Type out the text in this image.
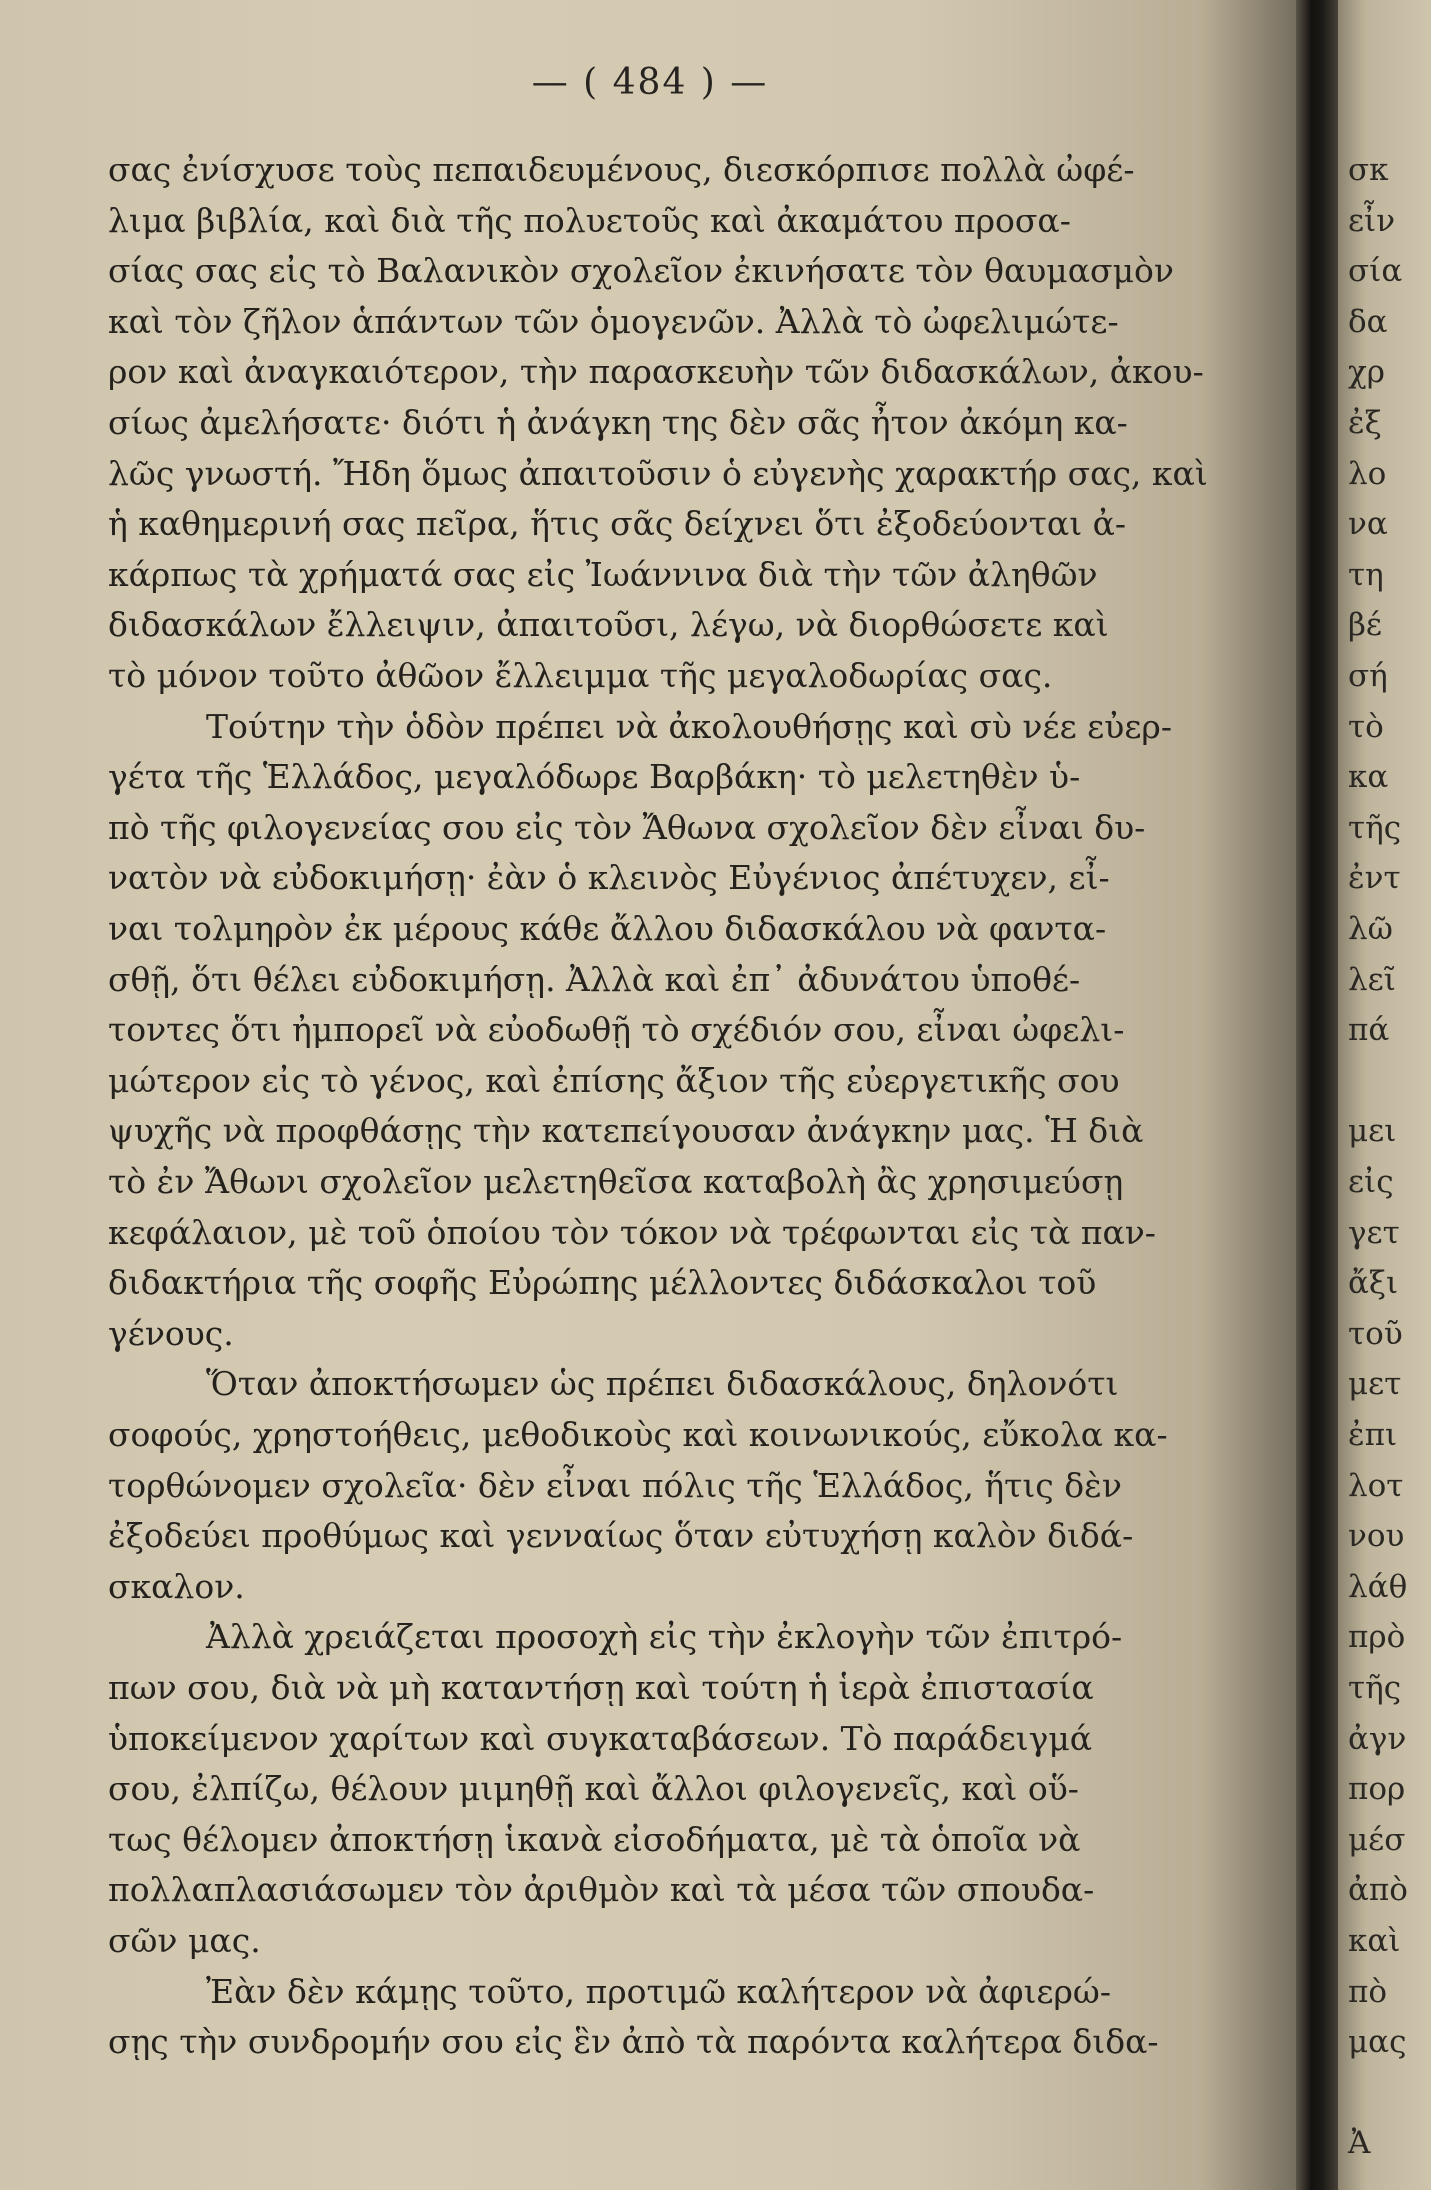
— ( 484 ) —
σας ἐνίσχυσε τοὺς πεπαιδευμένους, διεσκόρπισε πολλὰ ὠφέ-
λιμα βιβλία, καὶ διὰ τῆς πολυετοῦς καὶ ἀκαμάτου προσα-
σίας σας εἰς τὸ Βαλανικὸν σχολεῖον ἐκινήσατε τὸν θαυμασμὸν
καὶ τὸν ζῆλον ἁπάντων τῶν ὁμογενῶν. Ἀλλὰ τὸ ὠφελιμώτε-
ρον καὶ ἀναγκαιότερον, τὴν παρασκευὴν τῶν διδασκάλων, ἀκου-
σίως ἀμελήσατε· διότι ἡ ἀνάγκη της δὲν σᾶς ἦτον ἀκόμη κα-
λῶς γνωστή. Ἤδη ὅμως ἀπαιτοῦσιν ὁ εὐγενὴς χαρακτήρ σας, καὶ
ἡ καθημερινή σας πεῖρα, ἥτις σᾶς δείχνει ὅτι ἐξοδεύονται ἀ-
κάρπως τὰ χρήματά σας εἰς Ἰωάννινα διὰ τὴν τῶν ἀληθῶν
διδασκάλων ἔλλειψιν, ἀπαιτοῦσι, λέγω, νὰ διορθώσετε καὶ
τὸ μόνον τοῦτο ἀθῶον ἔλλειμμα τῆς μεγαλοδωρίας σας.
Τούτην τὴν ὁδὸν πρέπει νὰ ἀκολουθήσῃς καὶ σὺ νέε εὐερ-
γέτα τῆς Ἑλλάδος, μεγαλόδωρε Βαρβάκη· τὸ μελετηθὲν ὑ-
πὸ τῆς φιλογενείας σου εἰς τὸν Ἄθωνα σχολεῖον δὲν εἶναι δυ-
νατὸν νὰ εὐδοκιμήσῃ· ἐὰν ὁ κλεινὸς Εὐγένιος ἀπέτυχεν, εἶ-
ναι τολμηρὸν ἐκ μέρους κάθε ἄλλου διδασκάλου νὰ φαντα-
σθῇ, ὅτι θέλει εὐδοκιμήσῃ. Ἀλλὰ καὶ ἐπ᾽ ἀδυνάτου ὑποθέ-
τοντες ὅτι ἠμπορεῖ νὰ εὐοδωθῇ τὸ σχέδιόν σου, εἶναι ὠφελι-
μώτερον εἰς τὸ γένος, καὶ ἐπίσης ἄξιον τῆς εὐεργετικῆς σου
ψυχῆς νὰ προφθάσῃς τὴν κατεπείγουσαν ἀνάγκην μας. Ἡ διὰ
τὸ ἐν Ἄθωνι σχολεῖον μελετηθεῖσα καταβολὴ ἂς χρησιμεύσῃ
κεφάλαιον, μὲ τοῦ ὁποίου τὸν τόκον νὰ τρέφωνται εἰς τὰ παν-
διδακτήρια τῆς σοφῆς Εὐρώπης μέλλοντες διδάσκαλοι τοῦ
γένους.
Ὅταν ἀποκτήσωμεν ὡς πρέπει διδασκάλους, δηλονότι
σοφούς, χρηστοήθεις, μεθοδικοὺς καὶ κοινωνικούς, εὔκολα κα-
τορθώνομεν σχολεῖα· δὲν εἶναι πόλις τῆς Ἑλλάδος, ἥτις δὲν
ἐξοδεύει προθύμως καὶ γενναίως ὅταν εὐτυχήσῃ καλὸν διδά-
σκαλον.
Ἀλλὰ χρειάζεται προσοχὴ εἰς τὴν ἐκλογὴν τῶν ἐπιτρό-
πων σου, διὰ νὰ μὴ καταντήσῃ καὶ τούτη ἡ ἱερὰ ἐπιστασία
ὑποκείμενον χαρίτων καὶ συγκαταβάσεων. Τὸ παράδειγμά
σου, ἐλπίζω, θέλουν μιμηθῇ καὶ ἄλλοι φιλογενεῖς, καὶ οὕ-
τως θέλομεν ἀποκτήσῃ ἱκανὰ εἰσοδήματα, μὲ τὰ ὁποῖα νὰ
πολλαπλασιάσωμεν τὸν ἀριθμὸν καὶ τὰ μέσα τῶν σπουδα-
σῶν μας.
Ἐὰν δὲν κάμῃς τοῦτο, προτιμῶ καλήτερον νὰ ἀφιερώ-
σῃς τὴν συνδρομήν σου εἰς ἓν ἀπὸ τὰ παρόντα καλήτερα διδα-
σκ
εἶν
σία
δα
χρ
ἐξ
λο
να
τη
βέ
σή
τὸ
κα
τῆς
ἐντ
λῶ
λεῖ
πά
μει
εἰς
γετ
ἄξι
τοῦ
μετ
ἐπι
λοτ
νου
λάθ
πρὸ
τῆς
ἀγν
πορ
μέσ
ἀπὸ
καὶ
πὸ
μας
Ἀ
